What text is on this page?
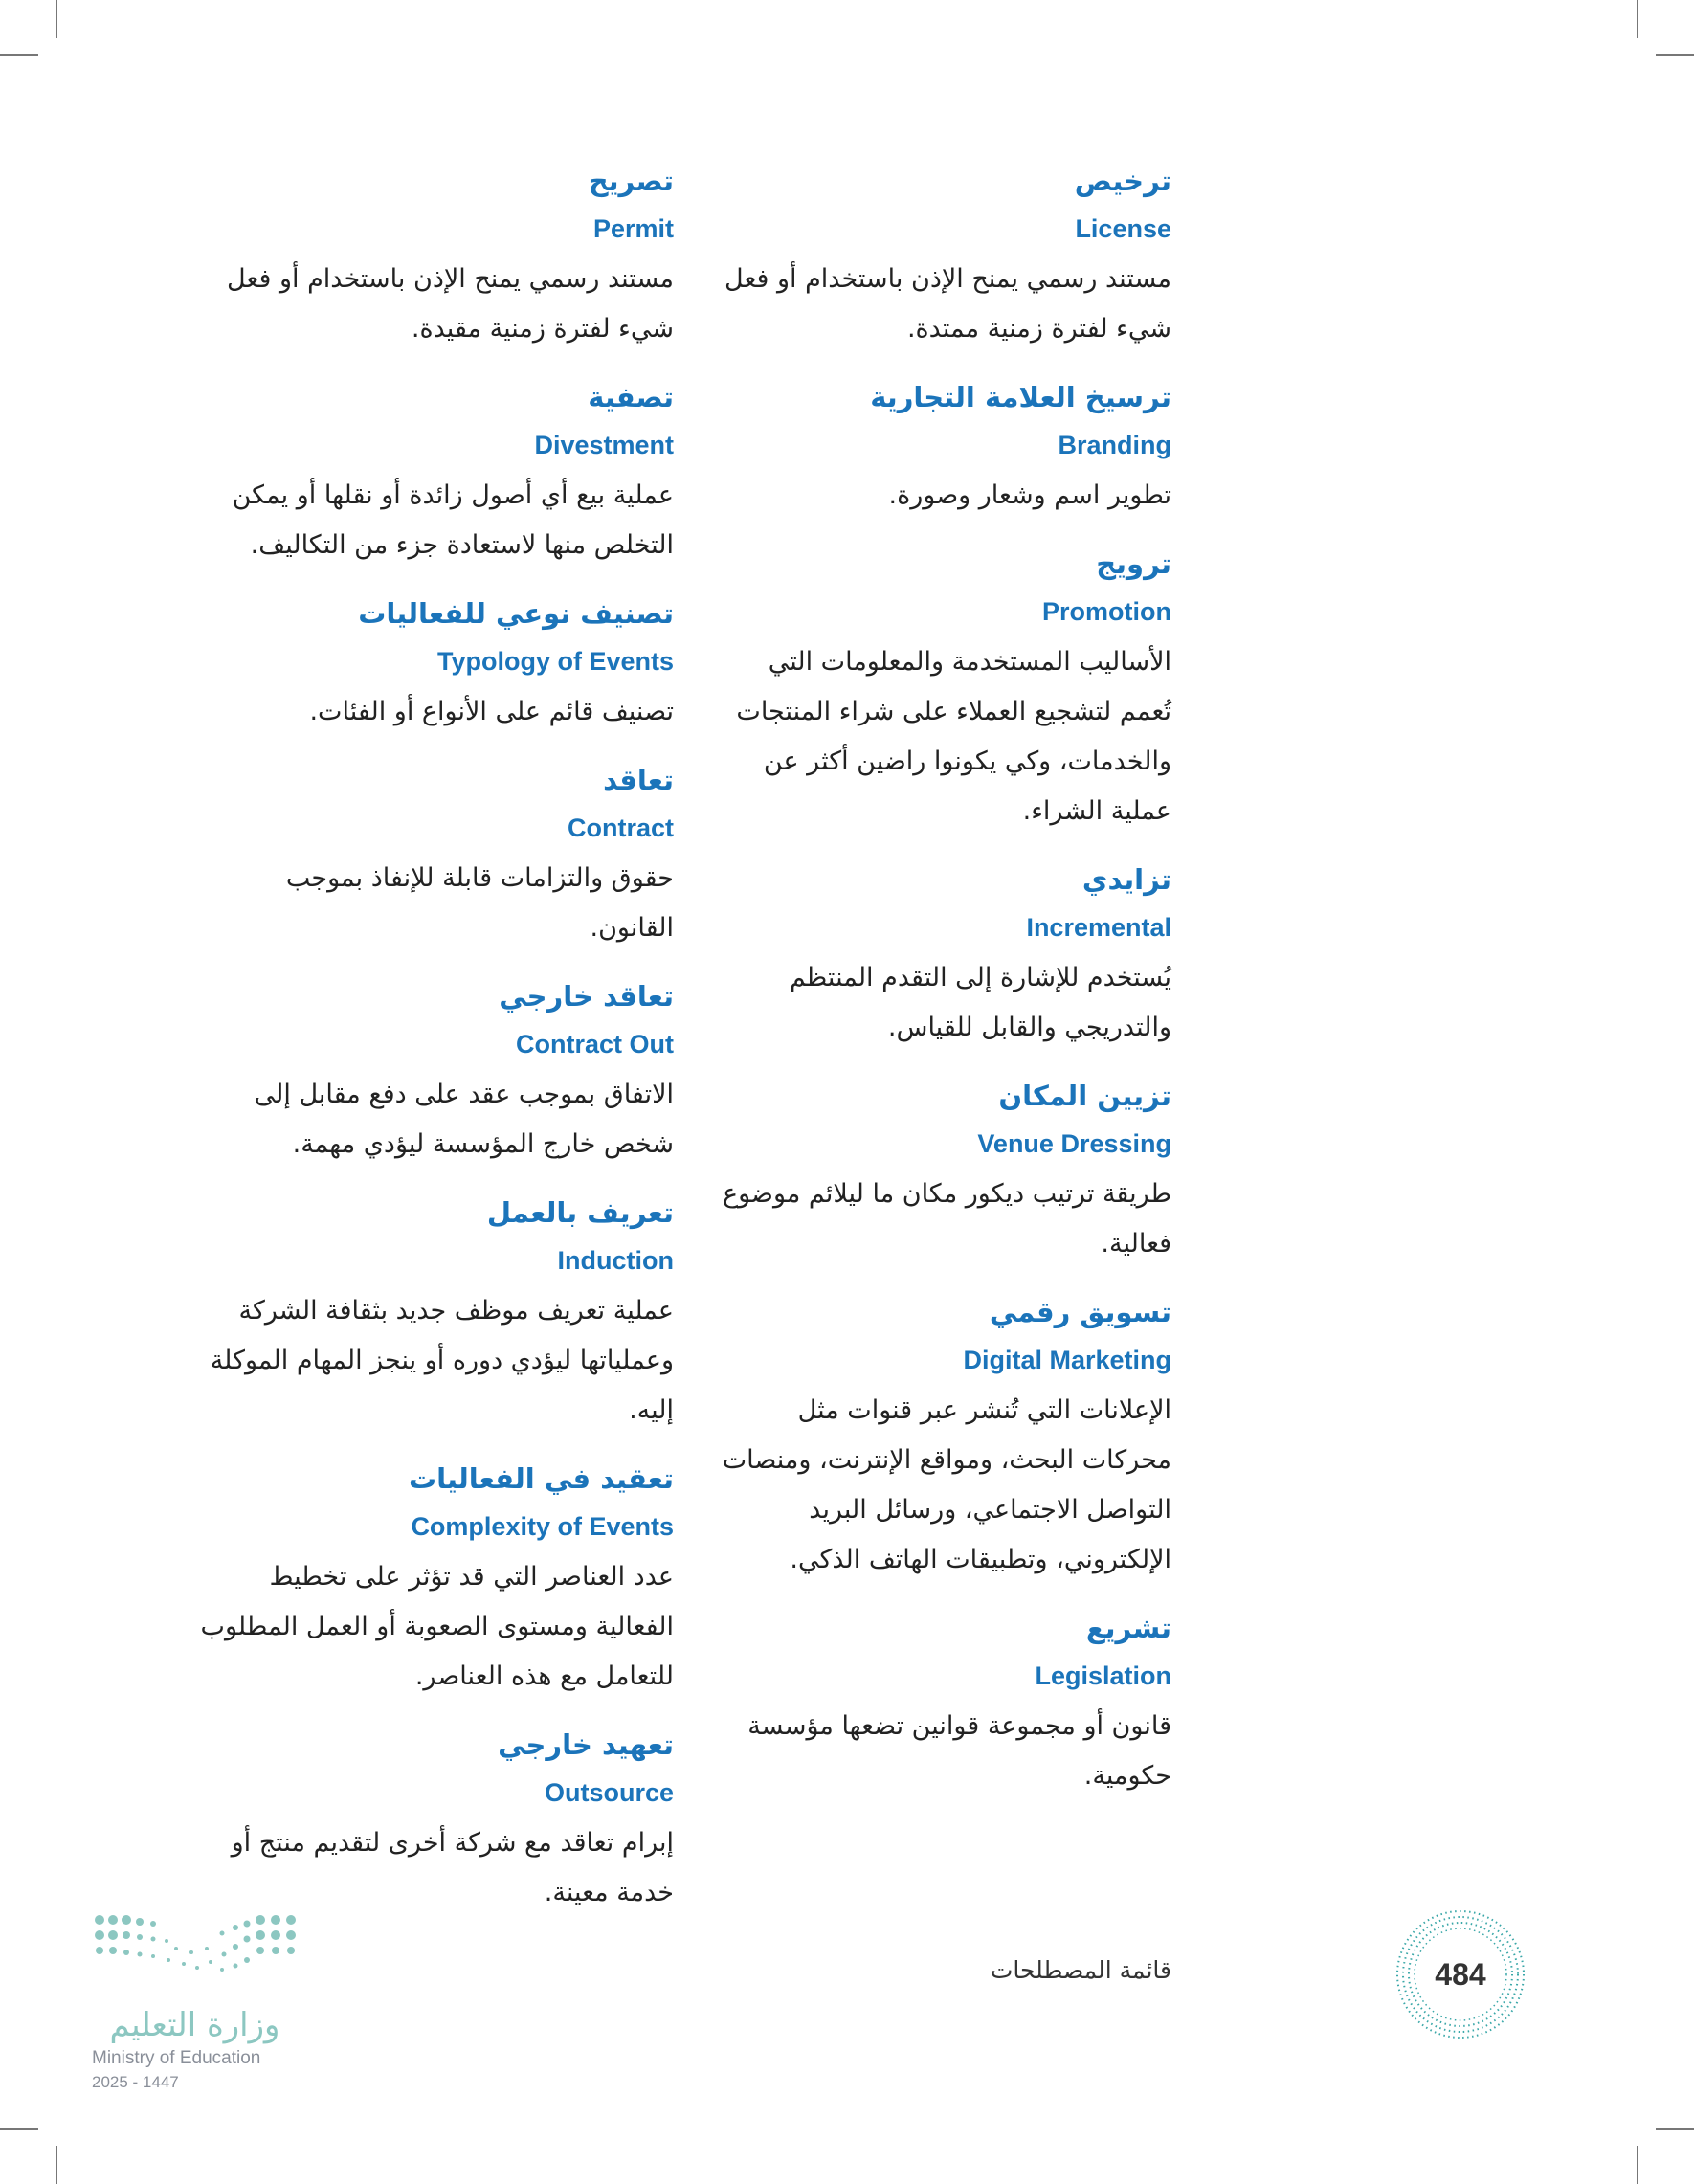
ترخيص
License

مستند رسمي يمنح الإذن باستخدام أو فعل

شيء لفترة زمنية ممتدة.

ترسيخ العلامة التجارية
Branding

تطوير اسم وشعار وصورة.

ترويج
Promotion

الأساليب المستخدمة والمعلومات التي

تُعمم لتشجيع العملاء على شراء المنتجات

والخدمات، وكي يكونوا راضين أكثر عن

عملية الشراء.

تزايدي
Incremental

يُستخدم للإشارة إلى التقدم المنتظم

والتدريجي والقابل للقياس.

تزيين المكان
Venue Dressing

طريقة ترتيب ديكور مكان ما ليلائم موضوع

فعالية.

تسويق رقمي
Digital Marketing

الإعلانات التي تُنشر عبر قنوات مثل

محركات البحث، ومواقع الإنترنت، ومنصات

التواصل الاجتماعي، ورسائل البريد

الإلكتروني، وتطبيقات الهاتف الذكي.

تشريع
Legislation

قانون أو مجموعة قوانين تضعها مؤسسة

حكومية.

تصريح
Permit

مستند رسمي يمنح الإذن باستخدام أو فعل

شيء لفترة زمنية مقيدة.

تصفية
Divestment

عملية بيع أي أصول زائدة أو نقلها أو يمكن

التخلص منها لاستعادة جزء من التكاليف.

تصنيف نوعي للفعاليات
Typology of Events

تصنيف قائم على الأنواع أو الفئات.

تعاقد
Contract

حقوق والتزامات قابلة للإنفاذ بموجب القانون.

تعاقد خارجي
Contract Out

الاتفاق بموجب عقد على دفع مقابل إلى

شخص خارج المؤسسة ليؤدي مهمة.

تعريف بالعمل
Induction

عملية تعريف موظف جديد بثقافة الشركة

وعملياتها ليؤدي دوره أو ينجز المهام الموكلة

إليه.

تعقيد في الفعاليات
Complexity of Events

عدد العناصر التي قد تؤثر على تخطيط

الفعالية ومستوى الصعوبة أو العمل المطلوب

للتعامل مع هذه العناصر.

تعهيد خارجي
Outsource

إبرام تعاقد مع شركة أخرى لتقديم منتج أو

خدمة معينة.

قائمة المصطلحات	484
وزارة التعليم
Ministry of Education
2025 - 1447
